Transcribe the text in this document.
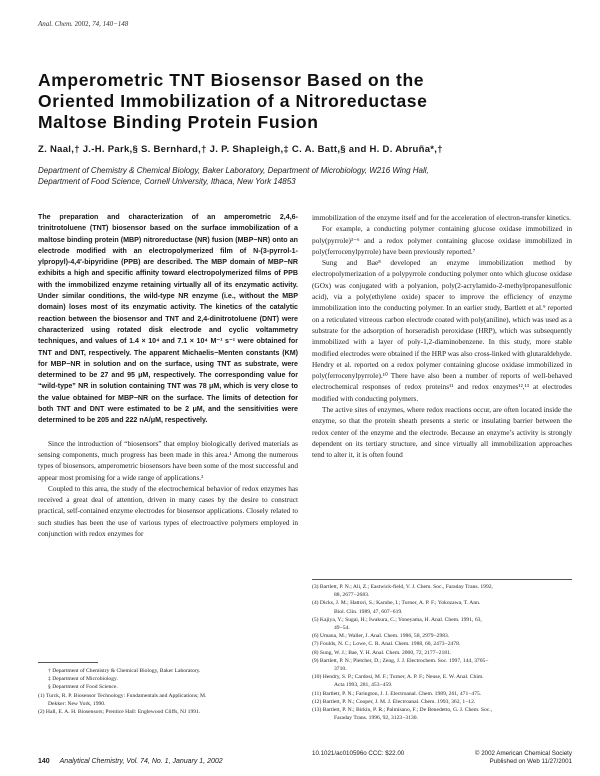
Anal. Chem. 2002, 74, 140−148
Amperometric TNT Biosensor Based on the
Oriented Immobilization of a Nitroreductase
Maltose Binding Protein Fusion
Z. Naal,† J.-H. Park,§ S. Bernhard,† J. P. Shapleigh,‡ C. A. Batt,§ and H. D. Abruña*,†
Department of Chemistry & Chemical Biology, Baker Laboratory, Department of Microbiology, W216 Wing Hall,
Department of Food Science, Cornell University, Ithaca, New York 14853

The preparation and characterization of an amperometric 2,4,6-trinitrotoluene (TNT) biosensor based on the surface immobilization of a maltose binding protein (MBP) nitroreductase (NR) fusion (MBP−NR) onto an electrode modified with an electropolymerized film of N-(3-pyrrol-1-ylpropyl)-4,4′-bipyridine (PPB) are described. The MBP domain of MBP−NR exhibits a high and specific affinity toward electropolymerized films of PPB with the immobilized enzyme retaining virtually all of its enzymatic activity. Under similar conditions, the wild-type NR enzyme (i.e., without the MBP domain) loses most of its enzymatic activity. The kinetics of the catalytic reaction between the biosensor and TNT and 2,4-dinitrotoluene (DNT) were characterized using rotated disk electrode and cyclic voltammetry techniques, and values of 1.4 × 10⁴ and 7.1 × 10⁴ M⁻¹ s⁻¹ were obtained for TNT and DNT, respectively. The apparent Michaelis−Menten constants (KM) for MBP−NR in solution and on the surface, using TNT as substrate, were determined to be 27 and 95 μM, respectively. The corresponding value for “wild-type” NR in solution containing TNT was 78 μM, which is very close to the value obtained for MBP−NR on the surface. The limits of detection for both TNT and DNT were estimated to be 2 μM, and the sensitivities were determined to be 205 and 222 nA/μM, respectively.

Since the introduction of “biosensors” that employ biologically derived materials as sensing components, much progress has been made in this area.¹ Among the numerous types of biosensors, amperometric biosensors have been some of the most successful and appear most promising for a wide range of applications.²

Coupled to this area, the study of the electrochemical behavior of redox enzymes has received a great deal of attention, driven in many cases by the desire to construct practical, self-contained enzyme electrodes for biosensor applications. Closely related to such studies has been the use of various types of electroactive polymers employed in conjunction with redox enzymes for

immobilization of the enzyme itself and for the acceleration of electron-transfer kinetics.

For example, a conducting polymer containing glucose oxidase immobilized in poly(pyrrole)³⁻⁶ and a redox polymer containing glucose oxidase immobilized in poly(ferrocenylpyrrole) have been previously reported.⁷

Sung and Bae⁸ developed an enzyme immobilization method by electropolymerization of a polypyrrole conducting polymer onto which glucose oxidase (GOx) was conjugated with a polyanion, poly(2-acrylamido-2-methylpropanesulfonic acid), via a poly(ethylene oxide) spacer to improve the efficiency of enzyme immobilization into the conducting polymer. In an earlier study, Bartlett et al.⁹ reported on a reticulated vitreous carbon electrode coated with poly(aniline), which was used as a substrate for the adsorption of horseradish peroxidase (HRP), which was subsequently immobilized with a layer of poly-1,2-diaminobenzene. In this study, more stable modified electrodes were obtained if the HRP was also cross-linked with glutaraldehyde. Hendry et al. reported on a redox polymer containing glucose oxidase immobilized in poly(ferrocenylpyrrole).¹⁰ There have also been a number of reports of well-behaved electrochemical responses of redox proteins¹¹ and redox enzymes¹²,¹³ at electrodes modified with conducting polymers.

The active sites of enzymes, where redox reactions occur, are often located inside the enzyme, so that the protein sheath presents a steric or insulating barrier between the redox center of the enzyme and the electrode. Because an enzyme’s activity is strongly dependent on its tertiary structure, and since virtually all immobilization approaches tend to alter it, it is often found

† Department of Chemistry & Chemical Biology, Baker Laboratory.
‡ Department of Microbiology.
§ Department of Food Science.
(1) Turck, R. P. Biosensor Technology: Fundamentals and Applications; M.
Dekker: New York, 1990.
(2) Hall, E. A. H. Biosensors; Prentice Hall: Englewood Cliffs, NJ 1991.
(3) Bartlett, P. N.; Ali, Z.; Eastwick-field, V. J. Chem. Soc., Faraday Trans. 1992,
88, 2677−2683.
(4) Dicks, J. M.; Hattori, S.; Karube, I.; Turner, A. P. F.; Yokozawa, T. Ann.
Biol. Clin. 1989, 47, 607−619.
(5) Kajiya, Y.; Sugai, H.; Iwakura, C.; Yoneyama, H. Anal. Chem. 1991, 63,
49−54.
(6) Umana, M.; Waller, J. Anal. Chem. 1986, 58, 2979−2983.
(7) Foulds, N. C.; Lowe, C. R. Anal. Chem. 1988, 60, 2473−2478.
(8) Sung, W. J.; Bae, Y. H. Anal. Chem. 2000, 72, 2177−2181.
(9) Bartlett, P. N.; Pletcher, D.; Zeng, J. J. Electrochem. Soc. 1997, 144, 3705−
3710.
(10) Hendry, S. P.; Cardosi, M. F.; Turner, A. P. F.; Neuse, E. W. Anal. Chim.
Acta 1993, 281, 453−459.
(11) Bartlett, P. N.; Farington, J. J. Electroanal. Chem. 1989, 261, 471−475.
(12) Bartlett, P. N.; Cooper, J. M. J. Electroanal. Chem. 1993, 362, 1−12.
(13) Bartlett, P. N.; Birkin, P. R.; Palmisano, F.; De Benedetto, G. J. Chem. Soc.,
Faraday Trans. 1996, 92, 3123−3130.
140 Analytical Chemistry, Vol. 74, No. 1, January 1, 2002
10.1021/ac010596o CCC: $22.00	© 2002 American Chemical Society
Published on Web 11/27/2001
